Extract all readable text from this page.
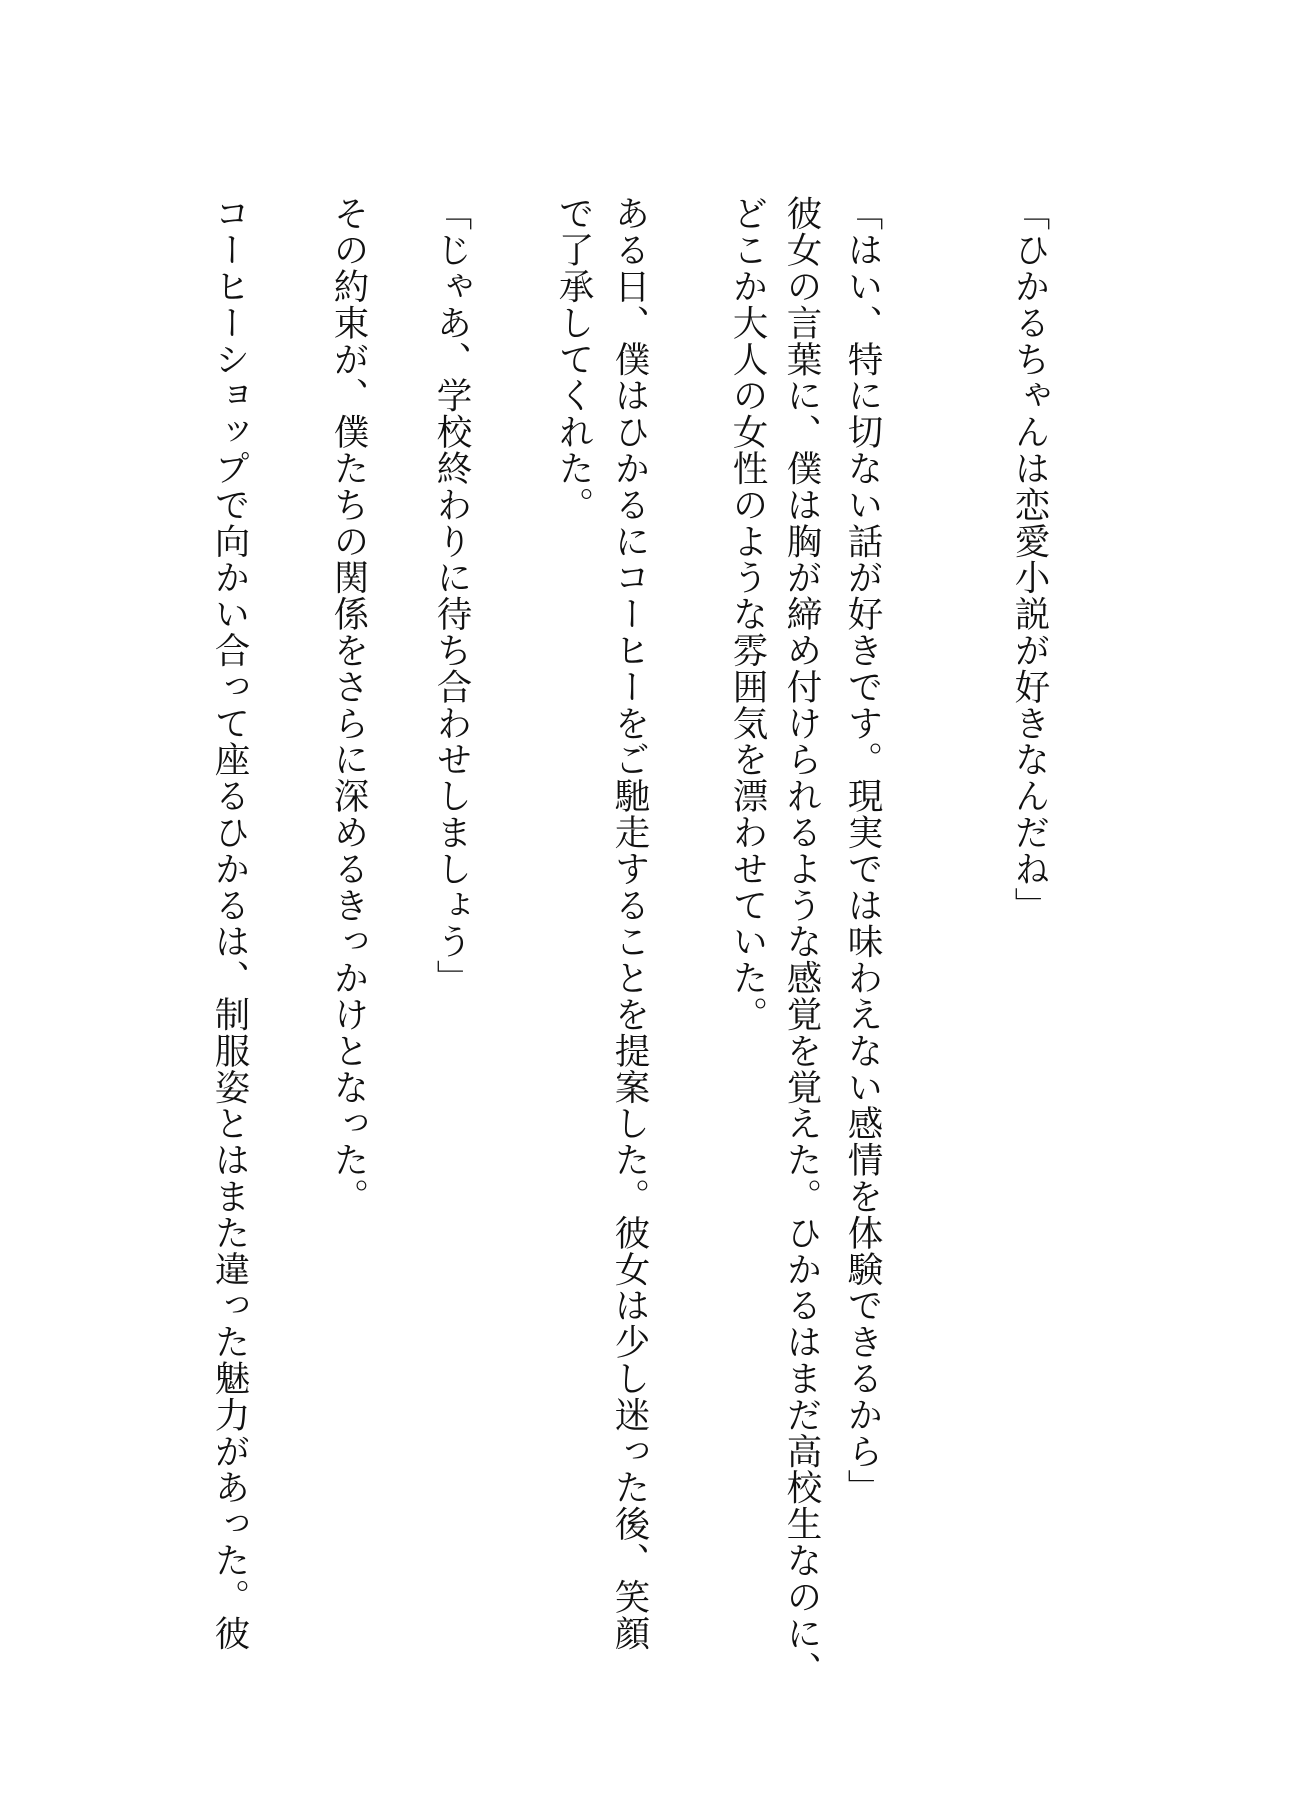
「ひかるちゃんは恋愛小説が好きなんだね」
「はい、特に切ない話が好きです。現実では味わえない感情を体験できるから」
彼女の言葉に、僕は胸が締め付けられるような感覚を覚えた。ひかるはまだ高校生なのに、
どこか大人の女性のような雰囲気を漂わせていた。
ある日、僕はひかるにコーヒーをご馳走することを提案した。彼女は少し迷った後、笑顔
で了承してくれた。
「じゃあ、学校終わりに待ち合わせしましょう」
その約束が、僕たちの関係をさらに深めるきっかけとなった。
コーヒーショップで向かい合って座るひかるは、制服姿とはまた違った魅力があった。彼
